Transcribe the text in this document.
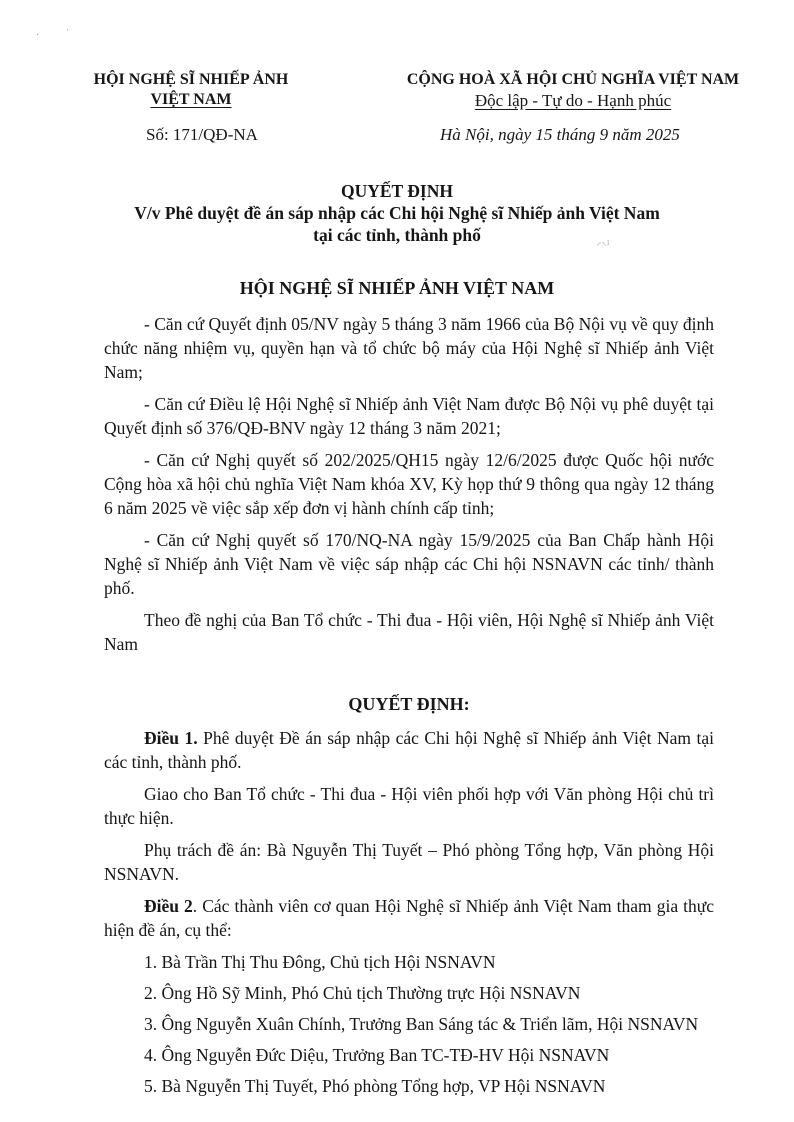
·	ˈ
HỘI NGHỆ SĨ NHIẾP ẢNH
VIỆT NAM
CỘNG HOÀ XÃ HỘI CHỦ NGHĨA VIỆT NAM
Độc lập - Tự do - Hạnh phúc
Số: 171/QĐ-NA	Hà Nội, ngày 15 tháng 9 năm 2025
QUYẾT ĐỊNH
V/v Phê duyệt đề án sáp nhập các Chi hội Nghệ sĩ Nhiếp ảnh Việt Nam
tại các tỉnh, thành phố	⸝⸜ₗ
HỘI NGHỆ SĨ NHIẾP ẢNH VIỆT NAM

- Căn cứ Quyết định 05/NV ngày 5 tháng 3 năm 1966 của Bộ Nội vụ về quy định chức năng nhiệm vụ, quyền hạn và tổ chức bộ máy của Hội Nghệ sĩ Nhiếp ảnh Việt Nam;

- Căn cứ Điều lệ Hội Nghệ sĩ Nhiếp ảnh Việt Nam được Bộ Nội vụ phê duyệt tại Quyết định số 376/QĐ-BNV ngày 12 tháng 3 năm 2021;

- Căn cứ Nghị quyết số 202/2025/QH15 ngày 12/6/2025 được Quốc hội nước Cộng hòa xã hội chủ nghĩa Việt Nam khóa XV, Kỳ họp thứ 9 thông qua ngày 12 tháng 6 năm 2025 về việc sắp xếp đơn vị hành chính cấp tỉnh;

- Căn cứ Nghị quyết số 170/NQ-NA ngày 15/9/2025 của Ban Chấp hành Hội Nghệ sĩ Nhiếp ảnh Việt Nam về việc sáp nhập các Chi hội NSNAVN các tỉnh/ thành phố.

Theo đề nghị của Ban Tổ chức - Thi đua - Hội viên, Hội Nghệ sĩ Nhiếp ảnh Việt Nam

QUYẾT ĐỊNH:

Điều 1. Phê duyệt Đề án sáp nhập các Chi hội Nghệ sĩ Nhiếp ảnh Việt Nam tại các tỉnh, thành phố.

Giao cho Ban Tổ chức - Thi đua - Hội viên phối hợp với Văn phòng Hội chủ trì thực hiện.

Phụ trách đề án: Bà Nguyễn Thị Tuyết – Phó phòng Tổng hợp, Văn phòng Hội NSNAVN.

Điều 2. Các thành viên cơ quan Hội Nghệ sĩ Nhiếp ảnh Việt Nam tham gia thực hiện đề án, cụ thể:

1. Bà Trần Thị Thu Đông, Chủ tịch Hội NSNAVN
2. Ông Hồ Sỹ Minh, Phó Chủ tịch Thường trực Hội NSNAVN
3. Ông Nguyễn Xuân Chính, Trưởng Ban Sáng tác & Triển lãm, Hội NSNAVN
4. Ông Nguyễn Đức Diệu, Trưởng Ban TC-TĐ-HV Hội NSNAVN
5. Bà Nguyễn Thị Tuyết, Phó phòng Tổng hợp, VP Hội NSNAVN
